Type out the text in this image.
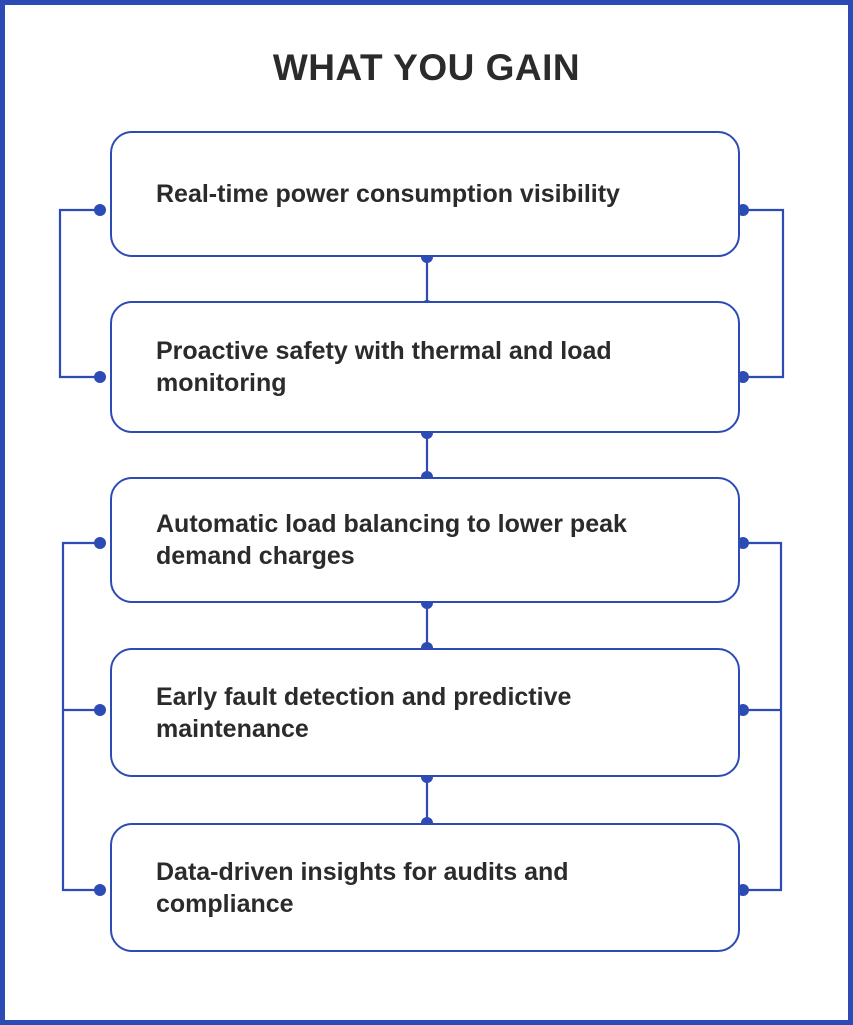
WHAT YOU GAIN
Real-time power consumption visibility
Proactive safety with thermal and load monitoring
Automatic load balancing to lower peak demand charges
Early fault detection and predictive maintenance
Data-driven insights for audits and compliance
